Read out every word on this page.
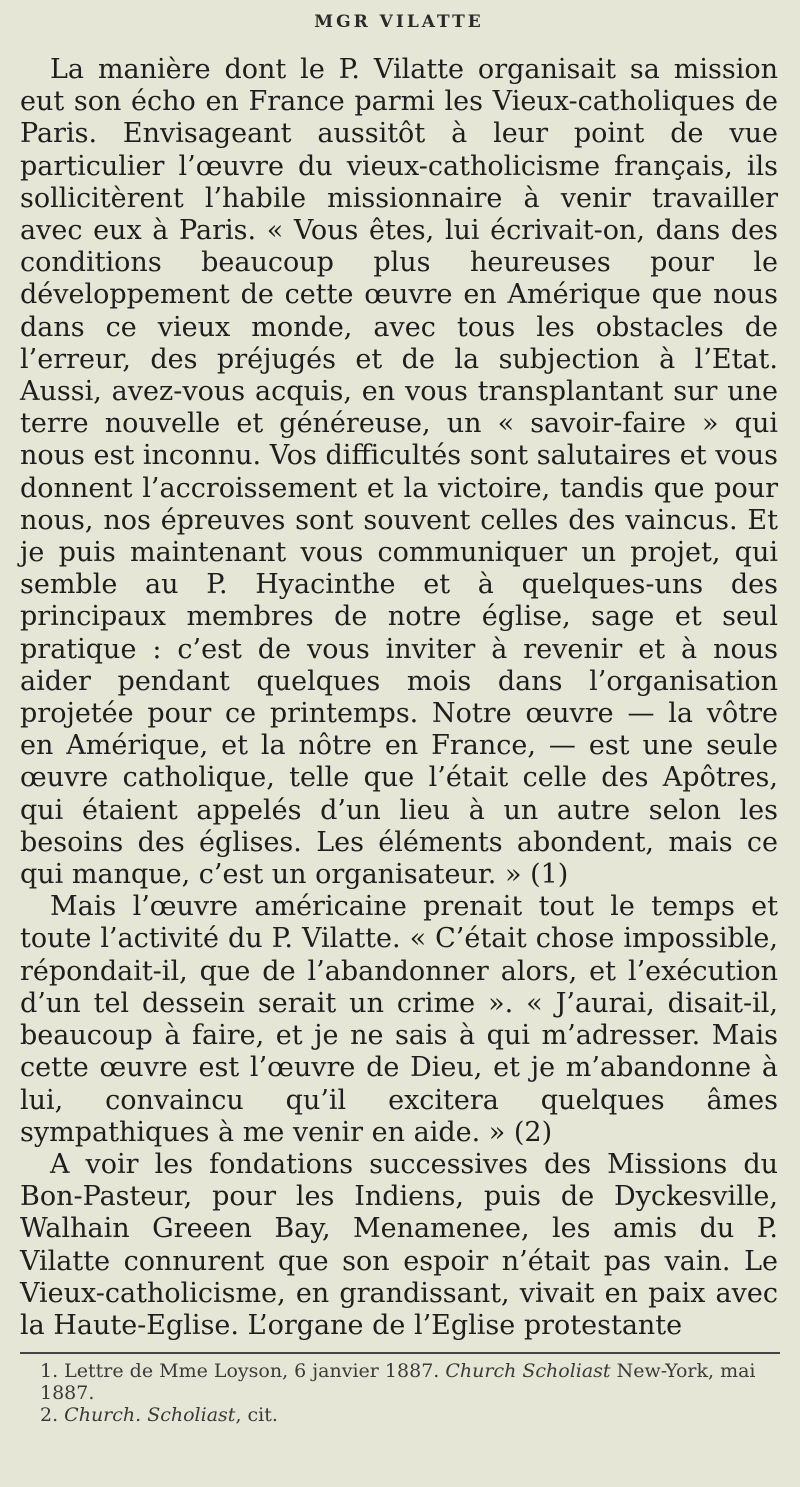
MGR VILATTE

La manière dont le P. Vilatte organisait sa mission eut son écho en France parmi les Vieux-catholiques de Paris. Envisageant aussitôt à leur point de vue particulier l’œuvre du vieux-catholicisme français, ils sollicitèrent l’habile missionnaire à venir travailler avec eux à Paris. « Vous êtes, lui écrivait-on, dans des conditions beaucoup plus heureuses pour le développement de cette œuvre en Amérique que nous dans ce vieux monde, avec tous les obstacles de l’erreur, des préjugés et de la subjection à l’Etat. Aussi, avez-vous acquis, en vous transplantant sur une terre nouvelle et généreuse, un « savoir-faire » qui nous est inconnu. Vos difficultés sont salutaires et vous donnent l’accroissement et la victoire, tandis que pour nous, nos épreuves sont souvent celles des vaincus. Et je puis maintenant vous communiquer un projet, qui semble au P. Hyacinthe et à quelques-uns des principaux membres de notre église, sage et seul pratique : c’est de vous inviter à revenir et à nous aider pendant quelques mois dans l’organisation projetée pour ce printemps. Notre œuvre — la vôtre en Amérique, et la nôtre en France, — est une seule œuvre catholique, telle que l’était celle des Apôtres, qui étaient appelés d’un lieu à un autre selon les besoins des églises. Les éléments abondent, mais ce qui manque, c’est un organisateur. » (1)

Mais l’œuvre américaine prenait tout le temps et toute l’activité du P. Vilatte. « C’était chose impossible, répondait-il, que de l’abandonner alors, et l’exécution d’un tel dessein serait un crime ». « J’aurai, disait-il, beaucoup à faire, et je ne sais à qui m’adresser. Mais cette œuvre est l’œuvre de Dieu, et je m’abandonne à lui, convaincu qu’il excitera quelques âmes sympathiques à me venir en aide. » (2)

A voir les fondations successives des Missions du Bon-Pasteur, pour les Indiens, puis de Dyckesville, Walhain Greeen Bay, Menamenee, les amis du P. Vilatte connurent que son espoir n’était pas vain. Le Vieux-catholicisme, en grandissant, vivait en paix avec la Haute-Eglise. L’organe de l’Eglise protestante

1. Lettre de Mme Loyson, 6 janvier 1887. Church Scholiast New-York, mai 1887.

2. Church. Scholiast, cit.
